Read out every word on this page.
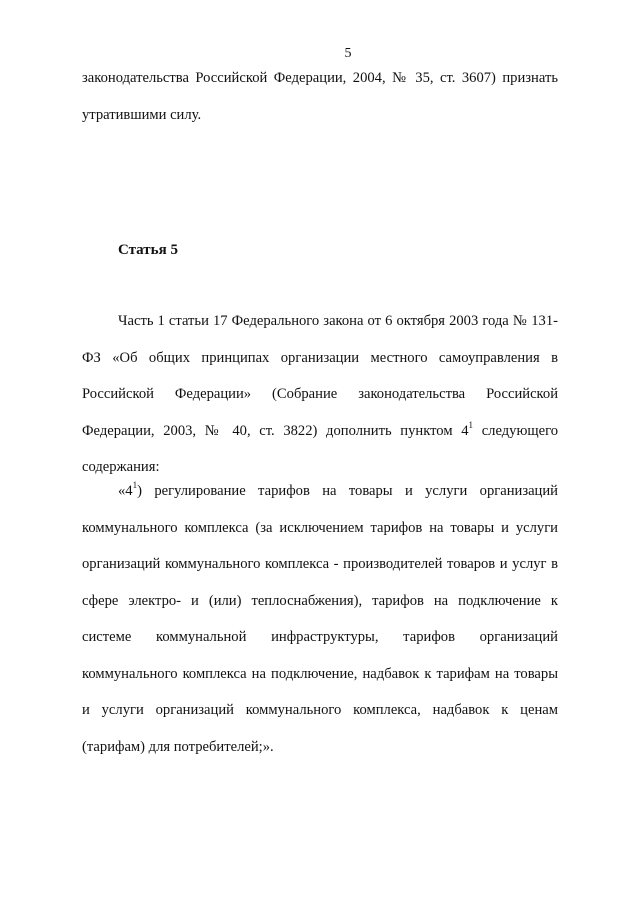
5

законодательства Российской Федерации, 2004, № 35, ст. 3607) признать утратившими силу.

Статья 5

Часть 1 статьи 17 Федерального закона от 6 октября 2003 года № 131-ФЗ «Об общих принципах организации местного самоуправления в Российской Федерации» (Собрание законодательства Российской Федерации, 2003, № 40, ст. 3822) дополнить пунктом $4^1$ следующего содержания:

«$4^1$) регулирование тарифов на товары и услуги организаций коммунального комплекса (за исключением тарифов на товары и услуги организаций коммунального комплекса - производителей товаров и услуг в сфере электро- и (или) теплоснабжения), тарифов на подключение к системе коммунальной инфраструктуры, тарифов организаций коммунального комплекса на подключение, надбавок к тарифам на товары и услуги организаций коммунального комплекса, надбавок к ценам (тарифам) для потребителей;».
